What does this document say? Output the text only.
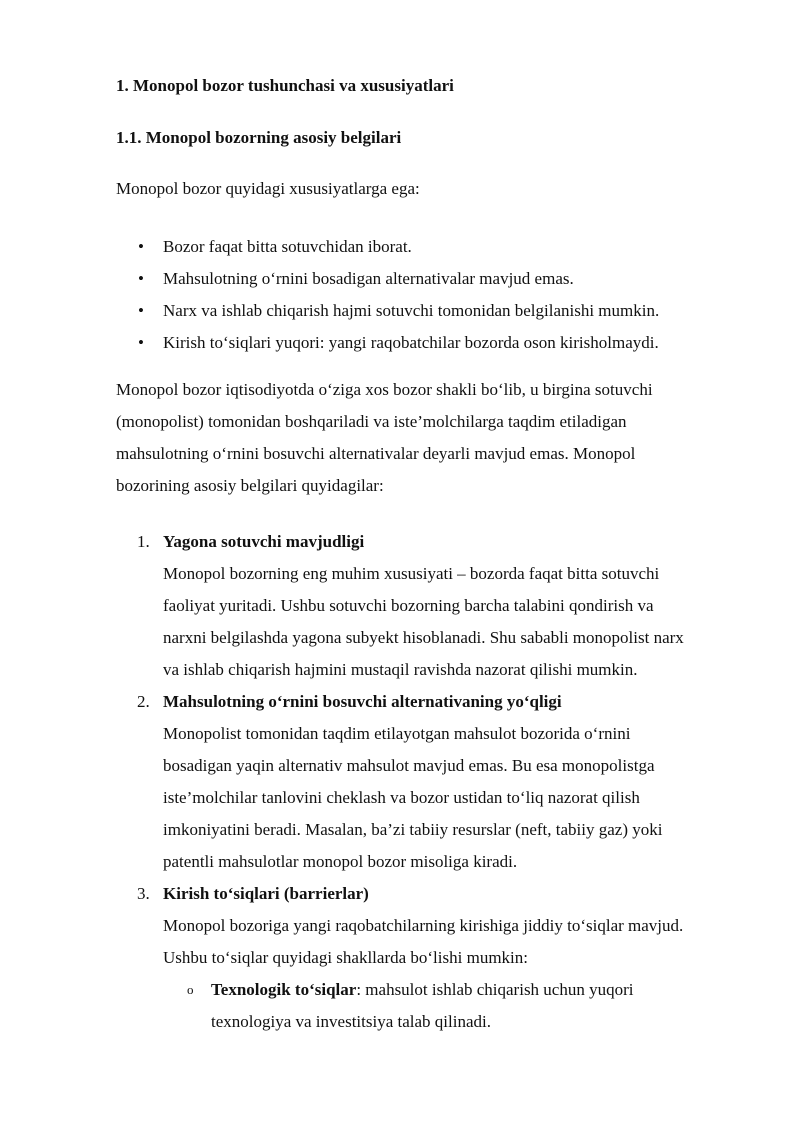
1. Monopol bozor tushunchasi va xususiyatlari
1.1. Monopol bozorning asosiy belgilari
Monopol bozor quyidagi xususiyatlarga ega:
• Bozor faqat bitta sotuvchidan iborat.
• Mahsulotning o‘rnini bosadigan alternativalar mavjud emas.
• Narx va ishlab chiqarish hajmi sotuvchi tomonidan belgilanishi mumkin.
• Kirish to‘siqlari yuqori: yangi raqobatchilar bozorda oson kirisholmaydi.
Monopol bozor iqtisodiyotda o‘ziga xos bozor shakli bo‘lib, u birgina sotuvchi
(monopolist) tomonidan boshqariladi va iste’molchilarga taqdim etiladigan
mahsulotning o‘rnini bosuvchi alternativalar deyarli mavjud emas. Monopol
bozorining asosiy belgilari quyidagilar:
1. Yagona sotuvchi mavjudligi
Monopol bozorning eng muhim xususiyati – bozorda faqat bitta sotuvchi
faoliyat yuritadi. Ushbu sotuvchi bozorning barcha talabini qondirish va
narxni belgilashda yagona subyekt hisoblanadi. Shu sababli monopolist narx
va ishlab chiqarish hajmini mustaqil ravishda nazorat qilishi mumkin.
2. Mahsulotning o‘rnini bosuvchi alternativaning yo‘qligi
Monopolist tomonidan taqdim etilayotgan mahsulot bozorida o‘rnini
bosadigan yaqin alternativ mahsulot mavjud emas. Bu esa monopolistga
iste’molchilar tanlovini cheklash va bozor ustidan to‘liq nazorat qilish
imkoniyatini beradi. Masalan, ba’zi tabiiy resurslar (neft, tabiiy gaz) yoki
patentli mahsulotlar monopol bozor misoliga kiradi.
3. Kirish to‘siqlari (barrierlar)
Monopol bozoriga yangi raqobatchilarning kirishiga jiddiy to‘siqlar mavjud.
Ushbu to‘siqlar quyidagi shakllarda bo‘lishi mumkin:
o	Texnologik to‘siqlar: mahsulot ishlab chiqarish uchun yuqori
texnologiya va investitsiya talab qilinadi.
